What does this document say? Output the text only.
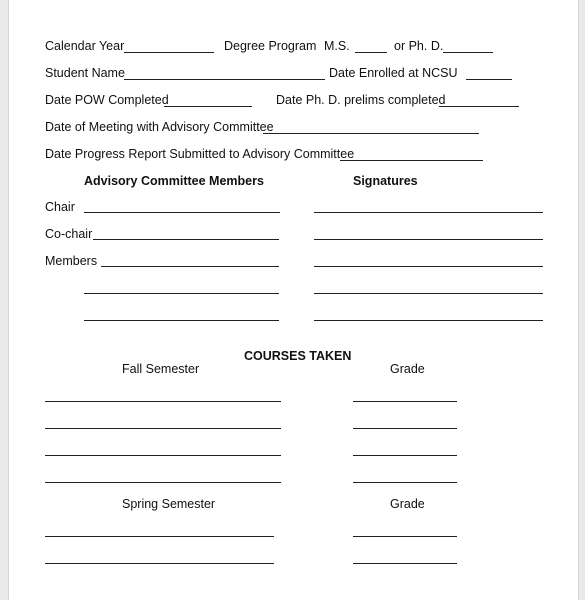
Calendar Year	Degree Program M.S.	or Ph. D.
Student Name	Date Enrolled at NCSU
Date POW Completed	Date Ph. D. prelims completed
Date of Meeting with Advisory Committee
Date Progress Report Submitted to Advisory Committee
Advisory Committee Members	Signatures
Chair
Co-chair
Members
COURSES TAKEN
Fall Semester	Grade
Spring Semester	Grade
